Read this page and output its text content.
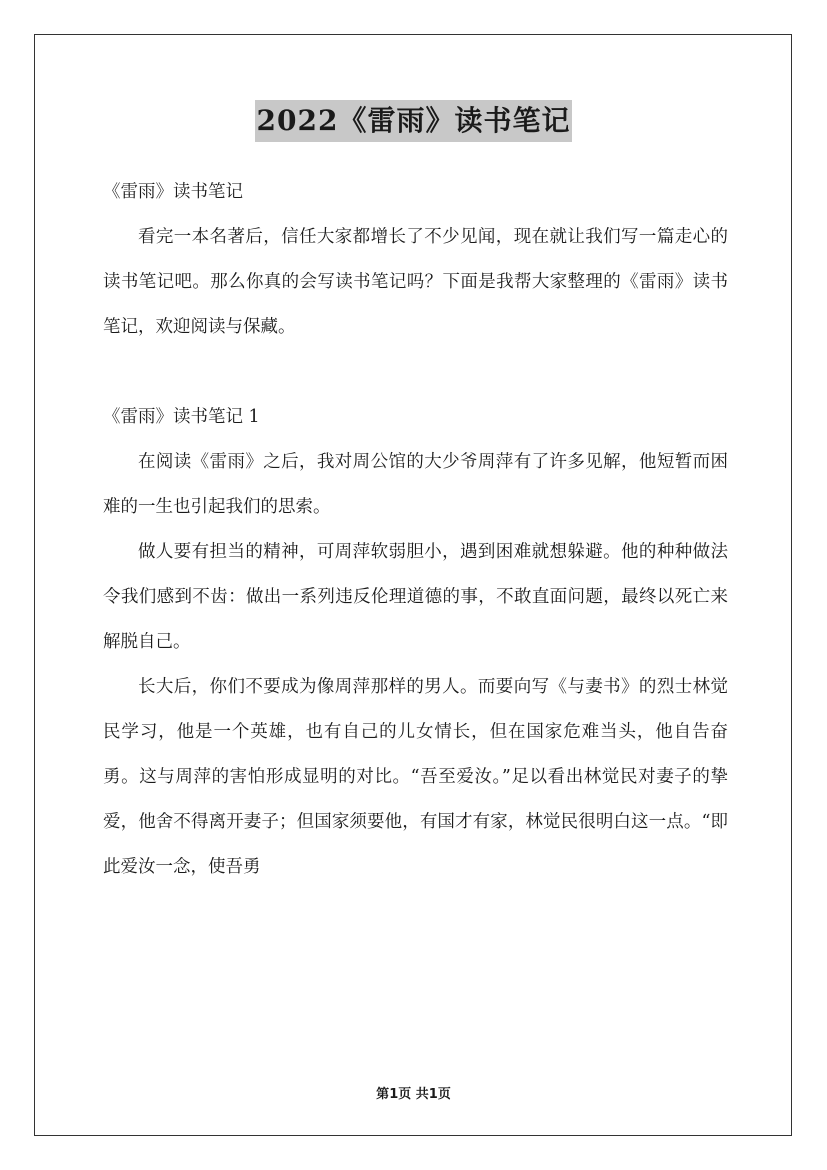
2022《雷雨》读书笔记

《雷雨》读书笔记

看完一本名著后，信任大家都增长了不少见闻，现在就让我们写一篇走心的读书笔记吧。那么你真的会写读书笔记吗？下面是我帮大家整理的《雷雨》读书笔记，欢迎阅读与保藏。

《雷雨》读书笔记 1

在阅读《雷雨》之后，我对周公馆的大少爷周萍有了许多见解，他短暂而困难的一生也引起我们的思索。

做人要有担当的精神，可周萍软弱胆小，遇到困难就想躲避。他的种种做法令我们感到不齿：做出一系列违反伦理道德的事，不敢直面问题，最终以死亡来解脱自己。

长大后，你们不要成为像周萍那样的男人。而要向写《与妻书》的烈士林觉民学习，他是一个英雄，也有自己的儿女情长，但在国家危难当头，他自告奋勇。这与周萍的害怕形成显明的对比。“吾至爱汝。”足以看出林觉民对妻子的挚爱，他舍不得离开妻子；但国家须要他，有国才有家，林觉民很明白这一点。“即此爱汝一念，使吾勇

第1页 共1页
